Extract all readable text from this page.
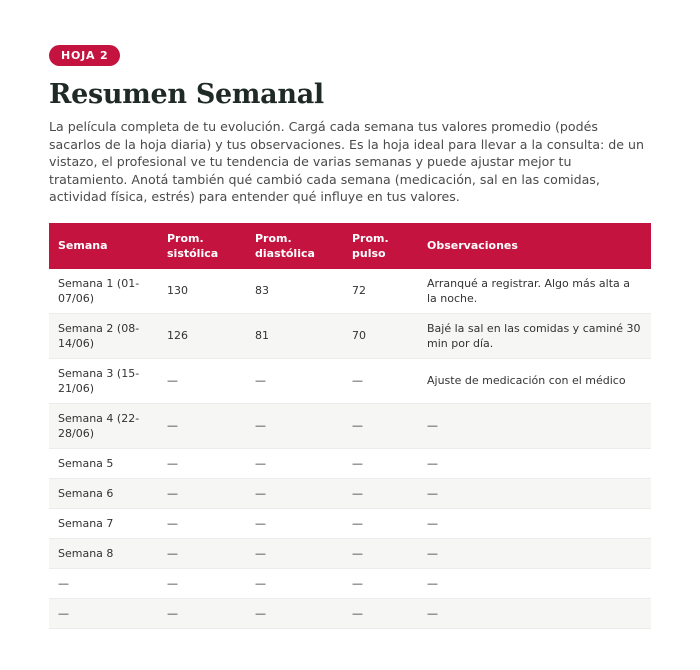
HOJA 2
Resumen Semanal

La película completa de tu evolución. Cargá cada semana tus valores promedio (podés sacarlos de la hoja diaria) y tus observaciones. Es la hoja ideal para llevar a la consulta: de un vistazo, el profesional ve tu tendencia de varias semanas y puede ajustar mejor tu tratamiento. Anotá también qué cambió cada semana (medicación, sal en las comidas, actividad física, estrés) para entender qué influye en tus valores.

Semana	Prom. sistólica	Prom. diastólica	Prom. pulso	Observaciones
Semana 1 (01-07/06)	130	83	72	Arranqué a registrar. Algo más alta a la noche.
Semana 2 (08-14/06)	126	81	70	Bajé la sal en las comidas y caminé 30 min por día.
Semana 3 (15-21/06)	—	—	—	Ajuste de medicación con el médico
Semana 4 (22-28/06)	—	—	—	—
Semana 5	—	—	—	—
Semana 6	—	—	—	—
Semana 7	—	—	—	—
Semana 8	—	—	—	—
—	—	—	—	—
—	—	—	—	—
